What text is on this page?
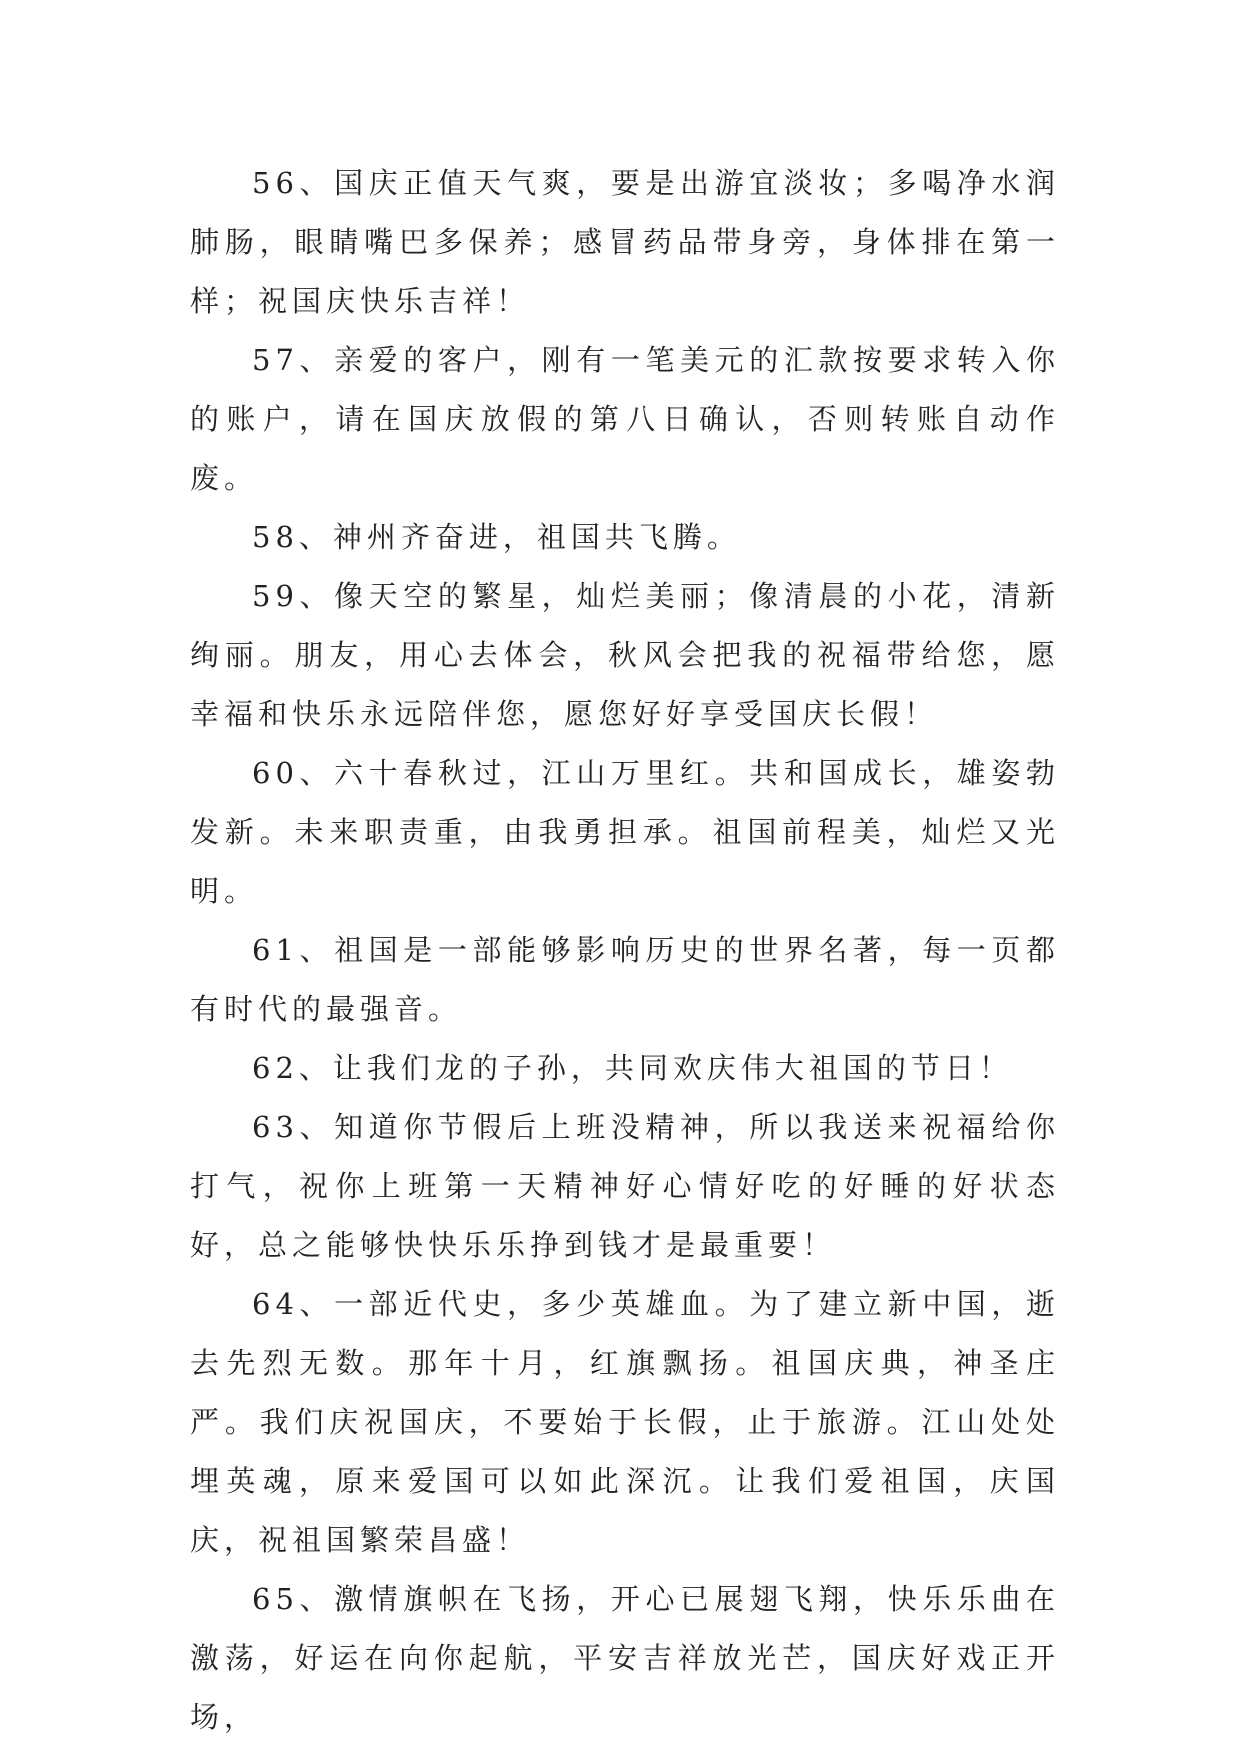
56、国庆正值天气爽，要是出游宜淡妆；多喝净水润肺肠，眼睛嘴巴多保养；感冒药品带身旁，身体排在第一样；祝国庆快乐吉祥！

57、亲爱的客户，刚有一笔美元的汇款按要求转入你的账户，请在国庆放假的第八日确认，否则转账自动作废。

58、神州齐奋进，祖国共飞腾。

59、像天空的繁星，灿烂美丽；像清晨的小花，清新绚丽。朋友，用心去体会，秋风会把我的祝福带给您，愿幸福和快乐永远陪伴您，愿您好好享受国庆长假！

60、六十春秋过，江山万里红。共和国成长，雄姿勃发新。未来职责重，由我勇担承。祖国前程美，灿烂又光明。

61、祖国是一部能够影响历史的世界名著，每一页都有时代的最强音。

62、让我们龙的子孙，共同欢庆伟大祖国的节日！

63、知道你节假后上班没精神，所以我送来祝福给你打气，祝你上班第一天精神好心情好吃的好睡的好状态好，总之能够快快乐乐挣到钱才是最重要！

64、一部近代史，多少英雄血。为了建立新中国，逝去先烈无数。那年十月，红旗飘扬。祖国庆典，神圣庄严。我们庆祝国庆，不要始于长假，止于旅游。江山处处埋英魂，原来爱国可以如此深沉。让我们爱祖国，庆国庆，祝祖国繁荣昌盛！

65、激情旗帜在飞扬，开心已展翅飞翔，快乐乐曲在激荡，好运在向你起航，平安吉祥放光芒，国庆好戏正开场，
